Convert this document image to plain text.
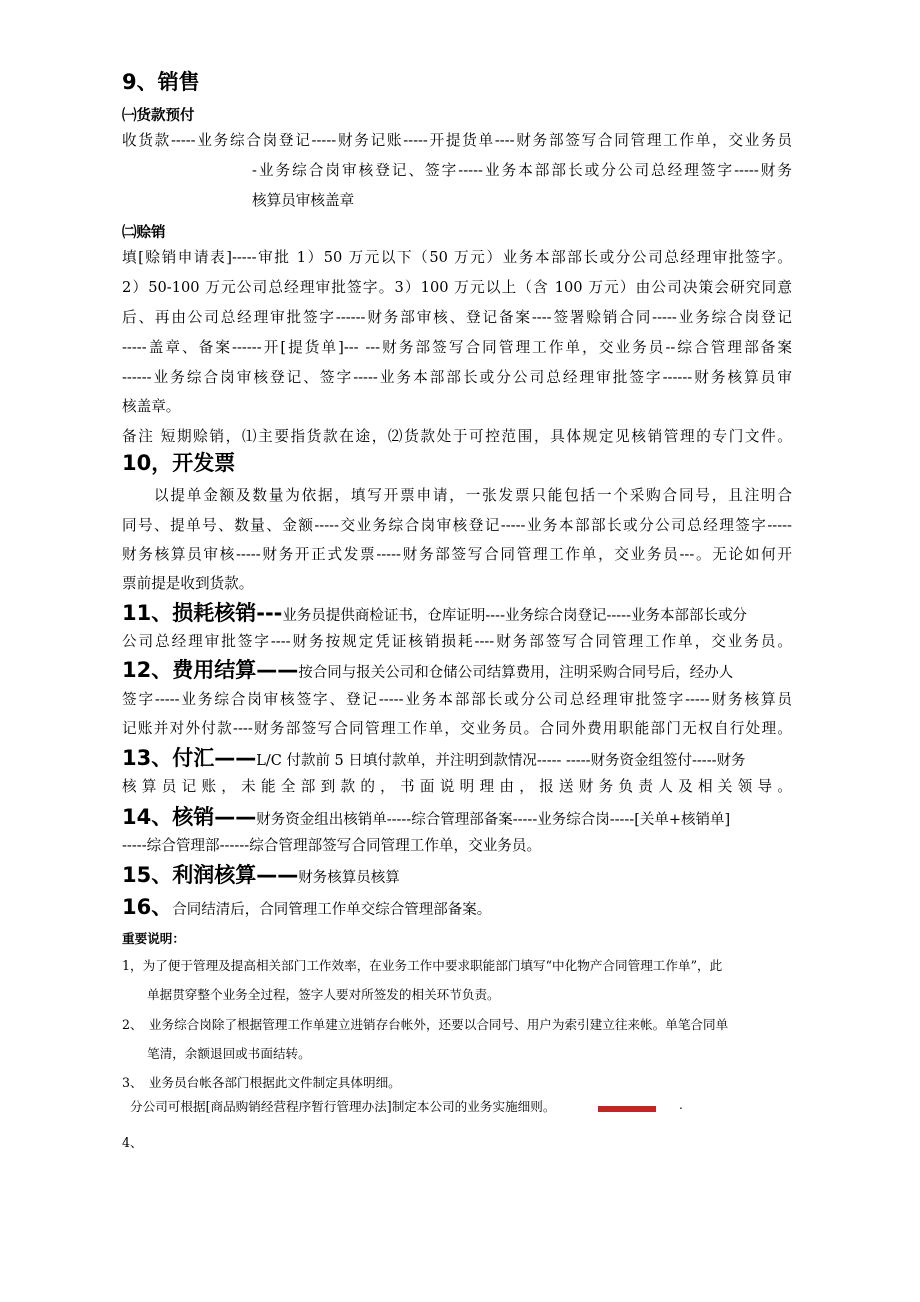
9、销售
㈠货款预付
收货款-----业务综合岗登记-----财务记账-----开提货单----财务部签写合同管理工作单，交业务员
-业务综合岗审核登记、签字-----业务本部部长或分公司总经理签字-----财务
核算员审核盖章
㈡赊销
填[赊销申请表]-----审批 1）50 万元以下（50 万元）业务本部部长或分公司总经理审批签字。
2）50-100 万元公司总经理审批签字。3）100 万元以上（含 100 万元）由公司决策会研究同意
后、再由公司总经理审批签字------财务部审核、登记备案----签署赊销合同-----业务综合岗登记
-----盖章、备案------开[提货单]--- ---财务部签写合同管理工作单，交业务员--综合管理部备案
------业务综合岗审核登记、签字-----业务本部部长或分公司总经理审批签字------财务核算员审
核盖章。
备注 短期赊销，⑴主要指货款在途，⑵货款处于可控范围，具体规定见核销管理的专门文件。
10，开发票
以提单金额及数量为依据，填写开票申请，一张发票只能包括一个采购合同号，且注明合
同号、提单号、数量、金额-----交业务综合岗审核登记-----业务本部部长或分公司总经理签字-----
财务核算员审核-----财务开正式发票-----财务部签写合同管理工作单，交业务员---。无论如何开
票前提是收到货款。
11、损耗核销---业务员提供商检证书，仓库证明----业务综合岗登记-----业务本部部长或分
公司总经理审批签字----财务按规定凭证核销损耗----财务部签写合同管理工作单，交业务员。
12、费用结算——按合同与报关公司和仓储公司结算费用，注明采购合同号后，经办人
签字-----业务综合岗审核签字、登记-----业务本部部长或分公司总经理审批签字-----财务核算员
记账并对外付款----财务部签写合同管理工作单，交业务员。合同外费用职能部门无权自行处理。
13、付汇——L/C 付款前 5 日填付款单，并注明到款情况----- -----财务资金组签付-----财务
核算员记账，未能全部到款的，书面说明理由，报送财务负责人及相关领导。
14、核销——财务资金组出核销单-----综合管理部备案-----业务综合岗-----[关单+核销单]
-----综合管理部------综合管理部签写合同管理工作单，交业务员。
15、利润核算——财务核算员核算
16、合同结清后，合同管理工作单交综合管理部备案。
重要说明：
1，为了便于管理及提高相关部门工作效率，在业务工作中要求职能部门填写“中化物产合同管理工作单”，此
单据贯穿整个业务全过程，签字人要对所签发的相关环节负责。
2、　业务综合岗除了根据管理工作单建立进销存台帐外，还要以合同号、用户为索引建立往来帐。单笔合同单
笔清，余额退回或书面结转。
3、　业务员台帐各部门根据此文件制定具体明细。
分公司可根据[商品购销经营程序暂行管理办法]制定本公司的业务实施细则。	.
4、
